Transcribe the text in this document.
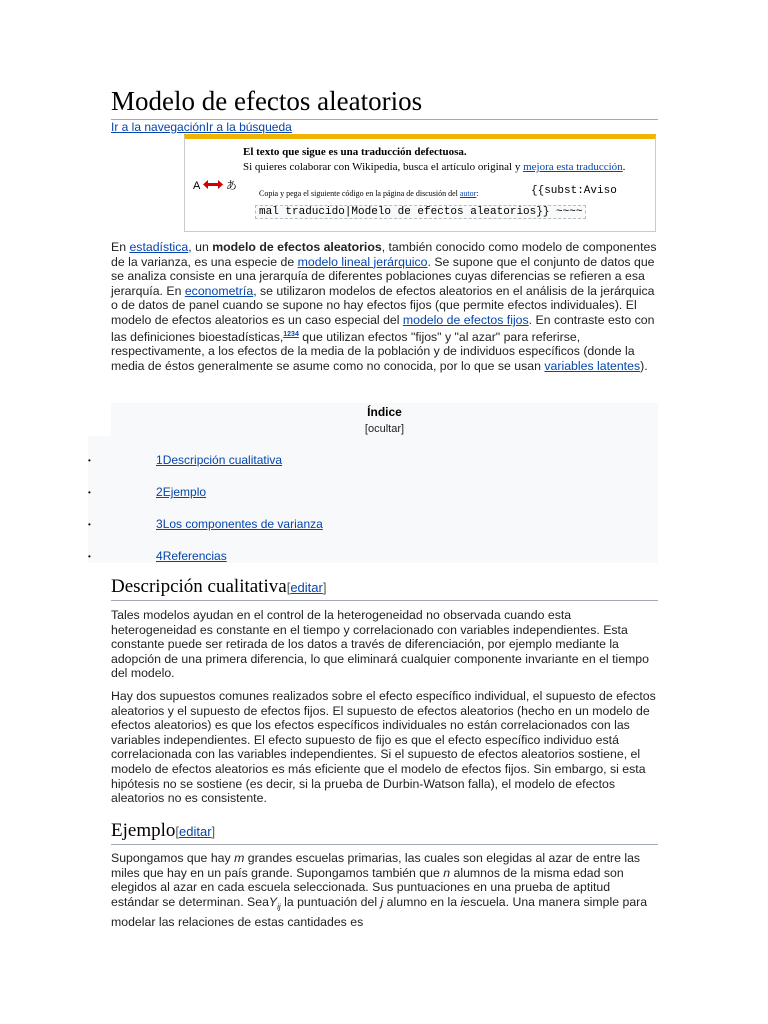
Modelo de efectos aleatorios
Ir a la navegaciónIr a la búsqueda
A あ
El texto que sigue es una traducción defectuosa.
Si quieres colaborar con Wikipedia, busca el artículo original y mejora esta traducción.
Copia y pega el siguiente código en la página de discusión del autor:	{{subst:Aviso
mal traducido|Modelo de efectos aleatorios}} ~~~~

En estadística, un modelo de efectos aleatorios, también conocido como modelo de componentes de la varianza, es una especie de modelo lineal jerárquico. Se supone que el conjunto de datos que se analiza consiste en una jerarquía de diferentes poblaciones cuyas diferencias se refieren a esa jerarquía. En econometría, se utilizaron modelos de efectos aleatorios en el análisis de la jerárquica o de datos de panel cuando se supone no hay efectos fijos (que permite efectos individuales). El modelo de efectos aleatorios es un caso especial del modelo de efectos fijos. En contraste esto con las definiciones bioestadísticas,$^{1234}$ que utilizan efectos "fijos" y "al azar" para referirse, respectivamente, a los efectos de la media de la población y de individuos específicos (donde la media de éstos generalmente se asume como no conocida, por lo que se usan variables latentes).

Índice
[ocultar]
Descripción cualitativa[editar]

Tales modelos ayudan en el control de la heterogeneidad no observada cuando esta heterogeneidad es constante en el tiempo y correlacionado con variables independientes. Esta constante puede ser retirada de los datos a través de diferenciación, por ejemplo mediante la adopción de una primera diferencia, lo que eliminará cualquier componente invariante en el tiempo del modelo.

Hay dos supuestos comunes realizados sobre el efecto específico individual, el supuesto de efectos aleatorios y el supuesto de efectos fijos. El supuesto de efectos aleatorios (hecho en un modelo de efectos aleatorios) es que los efectos específicos individuales no están correlacionados con las variables independientes. El efecto supuesto de fijo es que el efecto específico individuo está correlacionada con las variables independientes. Si el supuesto de efectos aleatorios sostiene, el modelo de efectos aleatorios es más eficiente que el modelo de efectos fijos. Sin embargo, si esta hipótesis no se sostiene (es decir, si la prueba de Durbin-Watson falla), el modelo de efectos aleatorios no es consistente.

Ejemplo[editar]

Supongamos que hay m grandes escuelas primarias, las cuales son elegidas al azar de entre las miles que hay en un país grande. Supongamos también que n alumnos de la misma edad son elegidos al azar en cada escuela seleccionada. Sus puntuaciones en una prueba de aptitud estándar se determinan. SeaY$_{ij}$ la puntuación del j alumno en la iescuela. Una manera simple para modelar las relaciones de estas cantidades es

•	1Descripción cualitativa
•	2Ejemplo
•	3Los componentes de varianza
•	4Referencias
